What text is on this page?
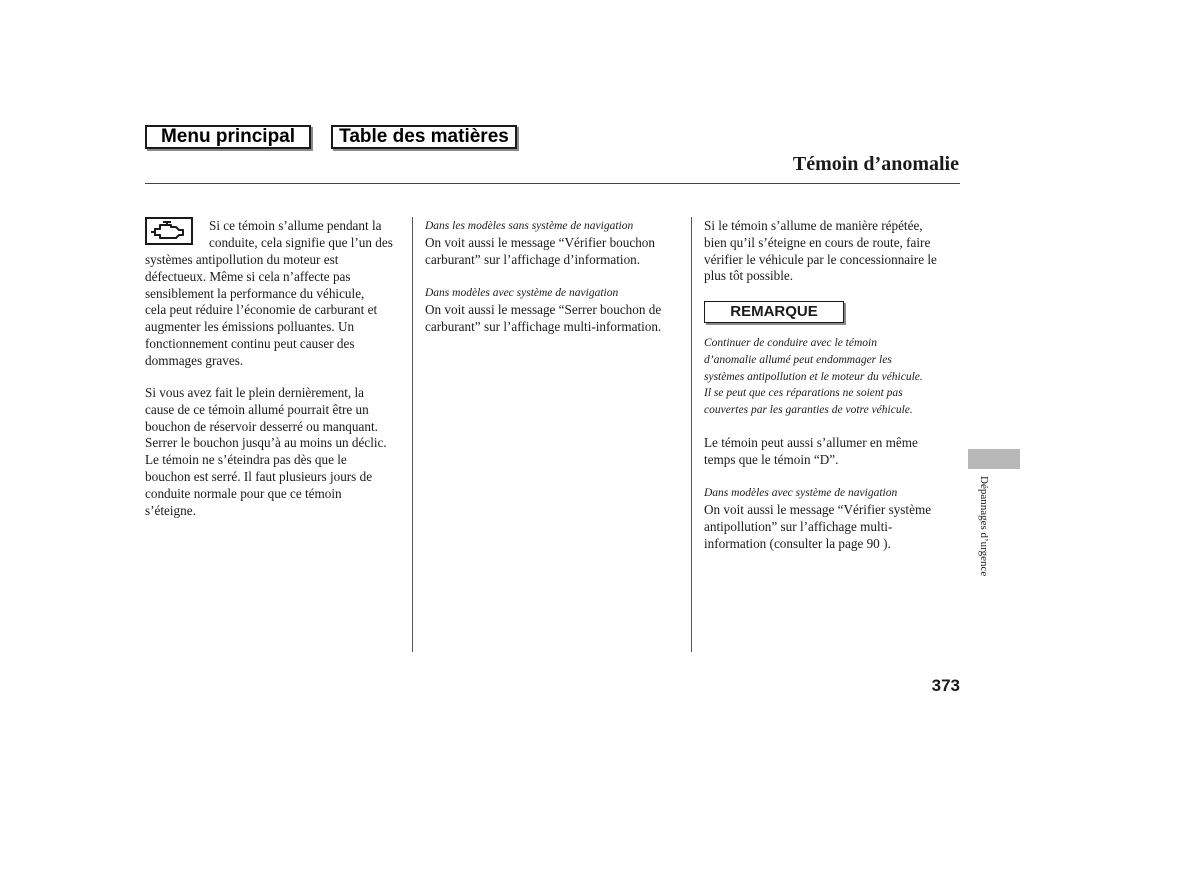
Menu principal	Table des matières
Témoin d’anomalie
Si ce témoin s’allume pendant la
conduite, cela signifie que l’un des
systèmes antipollution du moteur est
défectueux. Même si cela n’affecte pas
sensiblement la performance du véhicule,
cela peut réduire l’économie de carburant et
augmenter les émissions polluantes. Un
fonctionnement continu peut causer des
dommages graves.
Si vous avez fait le plein dernièrement, la
cause de ce témoin allumé pourrait être un
bouchon de réservoir desserré ou manquant.
Serrer le bouchon jusqu’à au moins un déclic.
Le témoin ne s’éteindra pas dès que le
bouchon est serré. Il faut plusieurs jours de
conduite normale pour que ce témoin
s’éteigne.
Dans les modèles sans système de navigation
On voit aussi le message “Vérifier bouchon
carburant” sur l’affichage d’information.
Dans modèles avec système de navigation
On voit aussi le message “Serrer bouchon de
carburant” sur l’affichage multi-information.
Si le témoin s’allume de manière répétée,
bien qu’il s’éteigne en cours de route, faire
vérifier le véhicule par le concessionnaire le
plus tôt possible.
REMARQUE
Continuer de conduire avec le témoin
d’anomalie allumé peut endommager les
systèmes antipollution et le moteur du véhicule.
Il se peut que ces réparations ne soient pas
couvertes par les garanties de votre véhicule.
Le témoin peut aussi s’allumer en même
temps que le témoin “D”.
Dans modèles avec système de navigation
On voit aussi le message “Vérifier système
antipollution” sur l’affichage multi-
information (consulter la page 90 ).	Dépannages d’urgence
373
